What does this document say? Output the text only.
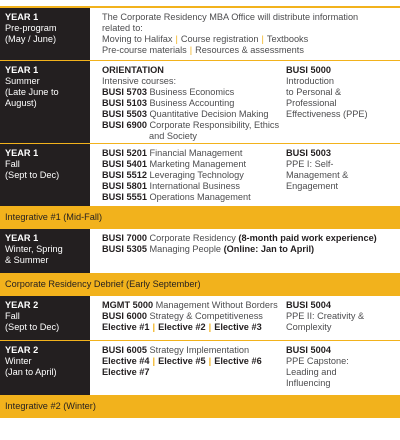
YEAR 1
Pre-program
(May / June)
The Corporate Residency MBA Office will distribute information
related to:
Moving to Halifax | Course registration | Textbooks
Pre-course materials | Resources & assessments
YEAR 1
Summer
(Late June to
August)
ORIENTATION
Intensive courses:
BUSI 5703 Business Economics
BUSI 5103 Business Accounting
BUSI 5503 Quantitative Decision Making
BUSI 6900 Corporate Responsibility, Ethics
and Society
BUSI 5000
Introduction
to Personal &
Professional
Effectiveness (PPE)
YEAR 1
Fall
(Sept to Dec)
BUSI 5201 Financial Management
BUSI 5401 Marketing Management
BUSI 5512 Leveraging Technology
BUSI 5801 International Business
BUSI 5551 Operations Management
BUSI 5003
PPE I: Self-
Management &
Engagement
Integrative #1 (Mid-Fall)
YEAR 1
Winter, Spring
& Summer
BUSI 7000 Corporate Residency (8-month paid work experience)
BUSI 5305 Managing People (Online: Jan to April)
Corporate Residency Debrief (Early September)
YEAR 2
Fall
(Sept to Dec)
MGMT 5000 Management Without Borders
BUSI 6000 Strategy & Competitiveness
Elective #1 | Elective #2 | Elective #3
BUSI 5004
PPE II: Creativity &
Complexity
YEAR 2
Winter
(Jan to April)
BUSI 6005 Strategy Implementation
Elective #4 | Elective #5 | Elective #6
Elective #7
BUSI 5004
PPE Capstone:
Leading and
Influencing
Integrative #2 (Winter)
